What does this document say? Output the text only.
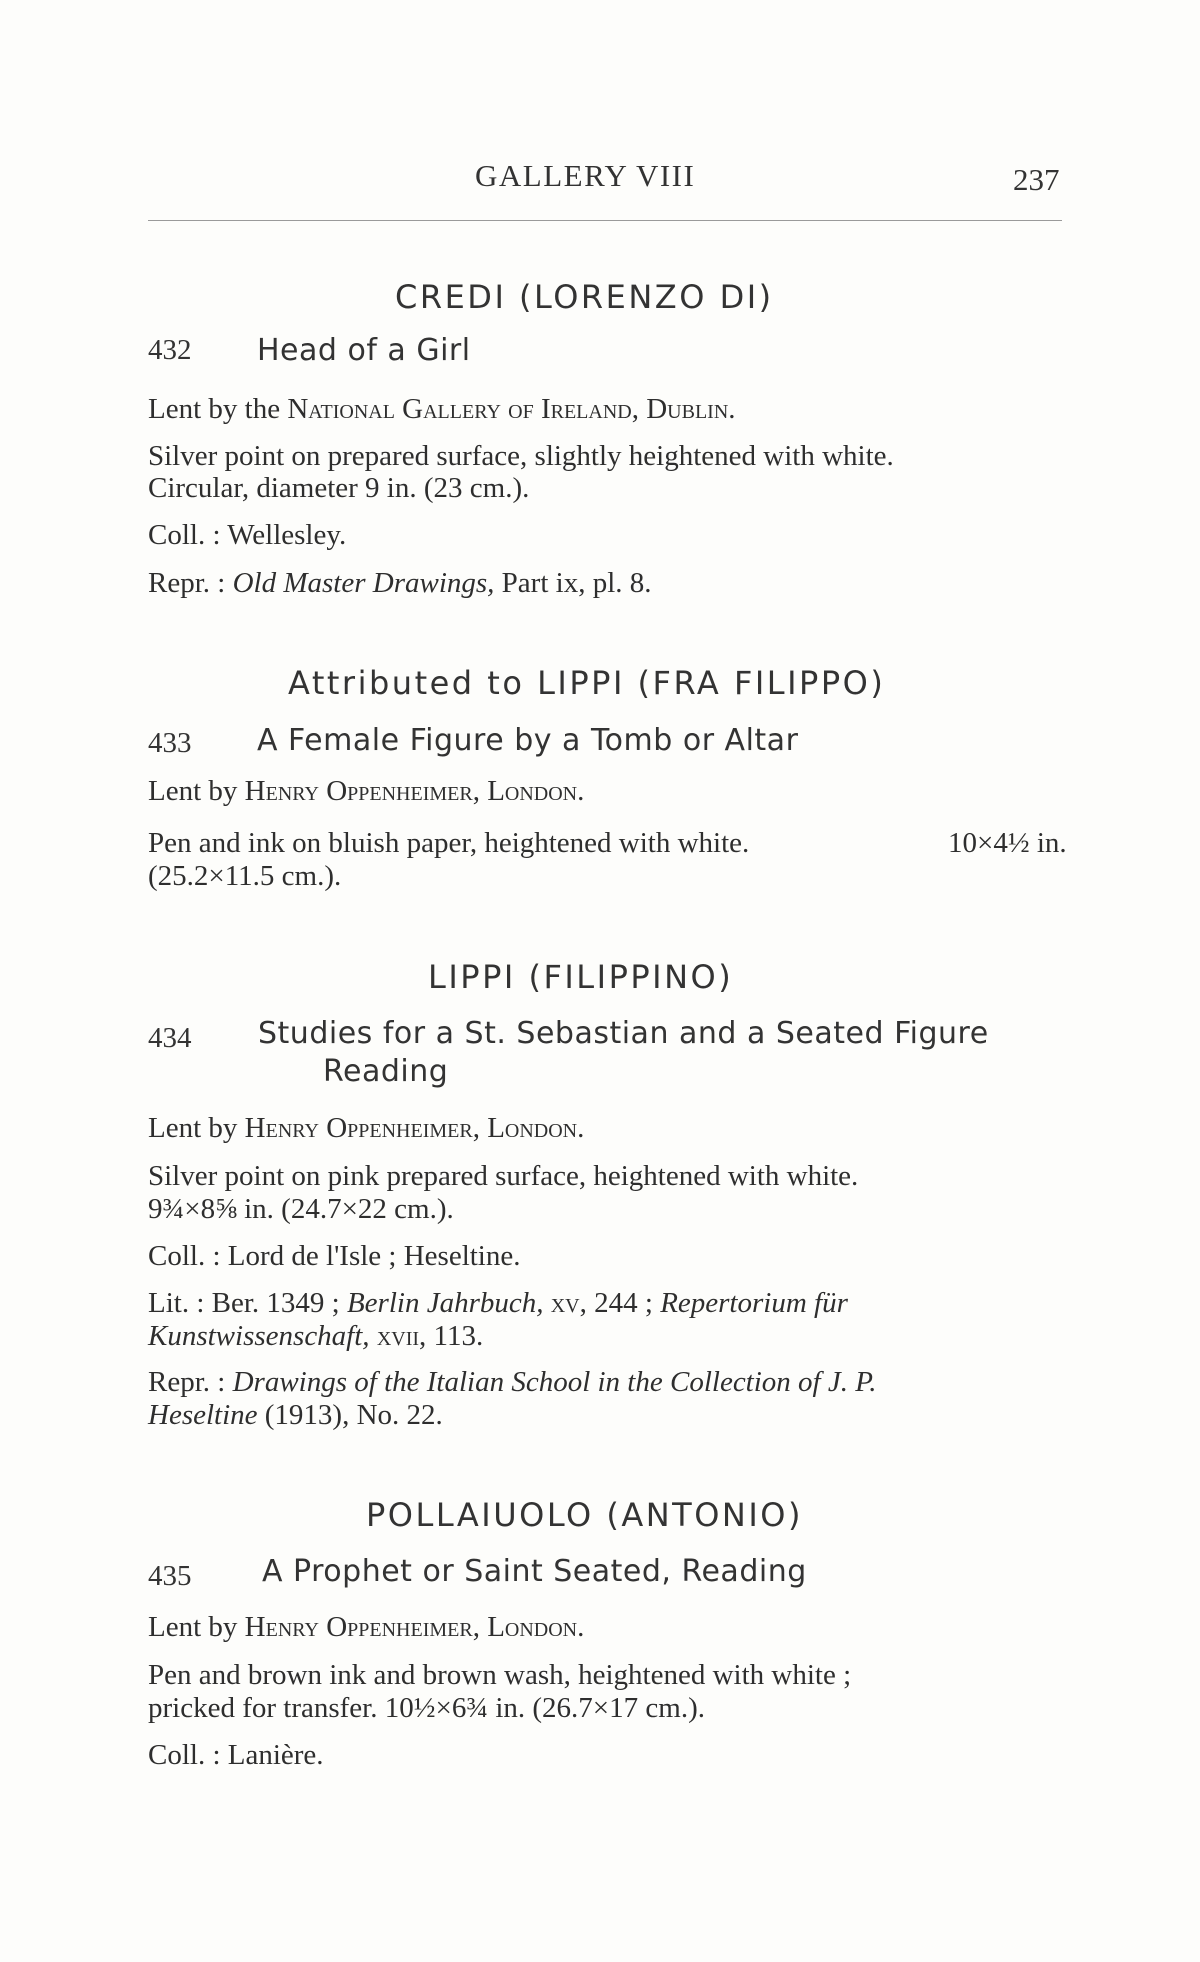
GALLERY VIII	237
CREDI (LORENZO DI)
432 Head of a Girl
Lent by the National Gallery of Ireland, Dublin.
Silver point on prepared surface, slightly heightened with white.
Circular, diameter 9 in. (23 cm.).
Coll. : Wellesley.
Repr. : Old Master Drawings, Part ix, pl. 8.
Attributed to LIPPI (FRA FILIPPO)
433 A Female Figure by a Tomb or Altar
Lent by Henry Oppenheimer, London.
Pen and ink on bluish paper, heightened with white.	10×4½ in.
(25.2×11.5 cm.).
LIPPI (FILIPPINO)
434 Studies for a St. Sebastian and a Seated Figure
Reading
Lent by Henry Oppenheimer, London.
Silver point on pink prepared surface, heightened with white.
9¾×8⅝ in. (24.7×22 cm.).
Coll. : Lord de l'Isle ; Heseltine.
Lit. : Ber. 1349 ; Berlin Jahrbuch, xv, 244 ; Repertorium für
Kunstwissenschaft, xvii, 113.
Repr. : Drawings of the Italian School in the Collection of J. P.
Heseltine (1913), No. 22.
POLLAIUOLO (ANTONIO)
435 A Prophet or Saint Seated, Reading
Lent by Henry Oppenheimer, London.
Pen and brown ink and brown wash, heightened with white ;
pricked for transfer. 10½×6¾ in. (26.7×17 cm.).
Coll. : Lanière.
